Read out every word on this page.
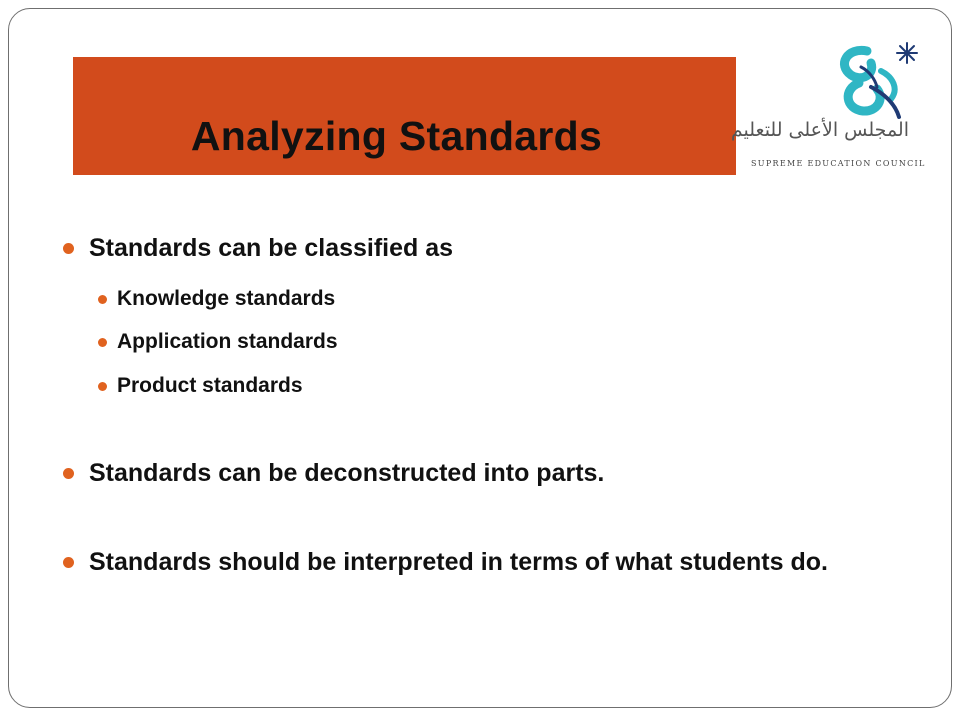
Analyzing Standards	المجلس الأعلى للتعليم
SUPREME EDUCATION COUNCIL
Standards can be classified as
Knowledge standards
Application standards
Product standards
Standards can be deconstructed into parts.
Standards should be interpreted in terms of what students do.
